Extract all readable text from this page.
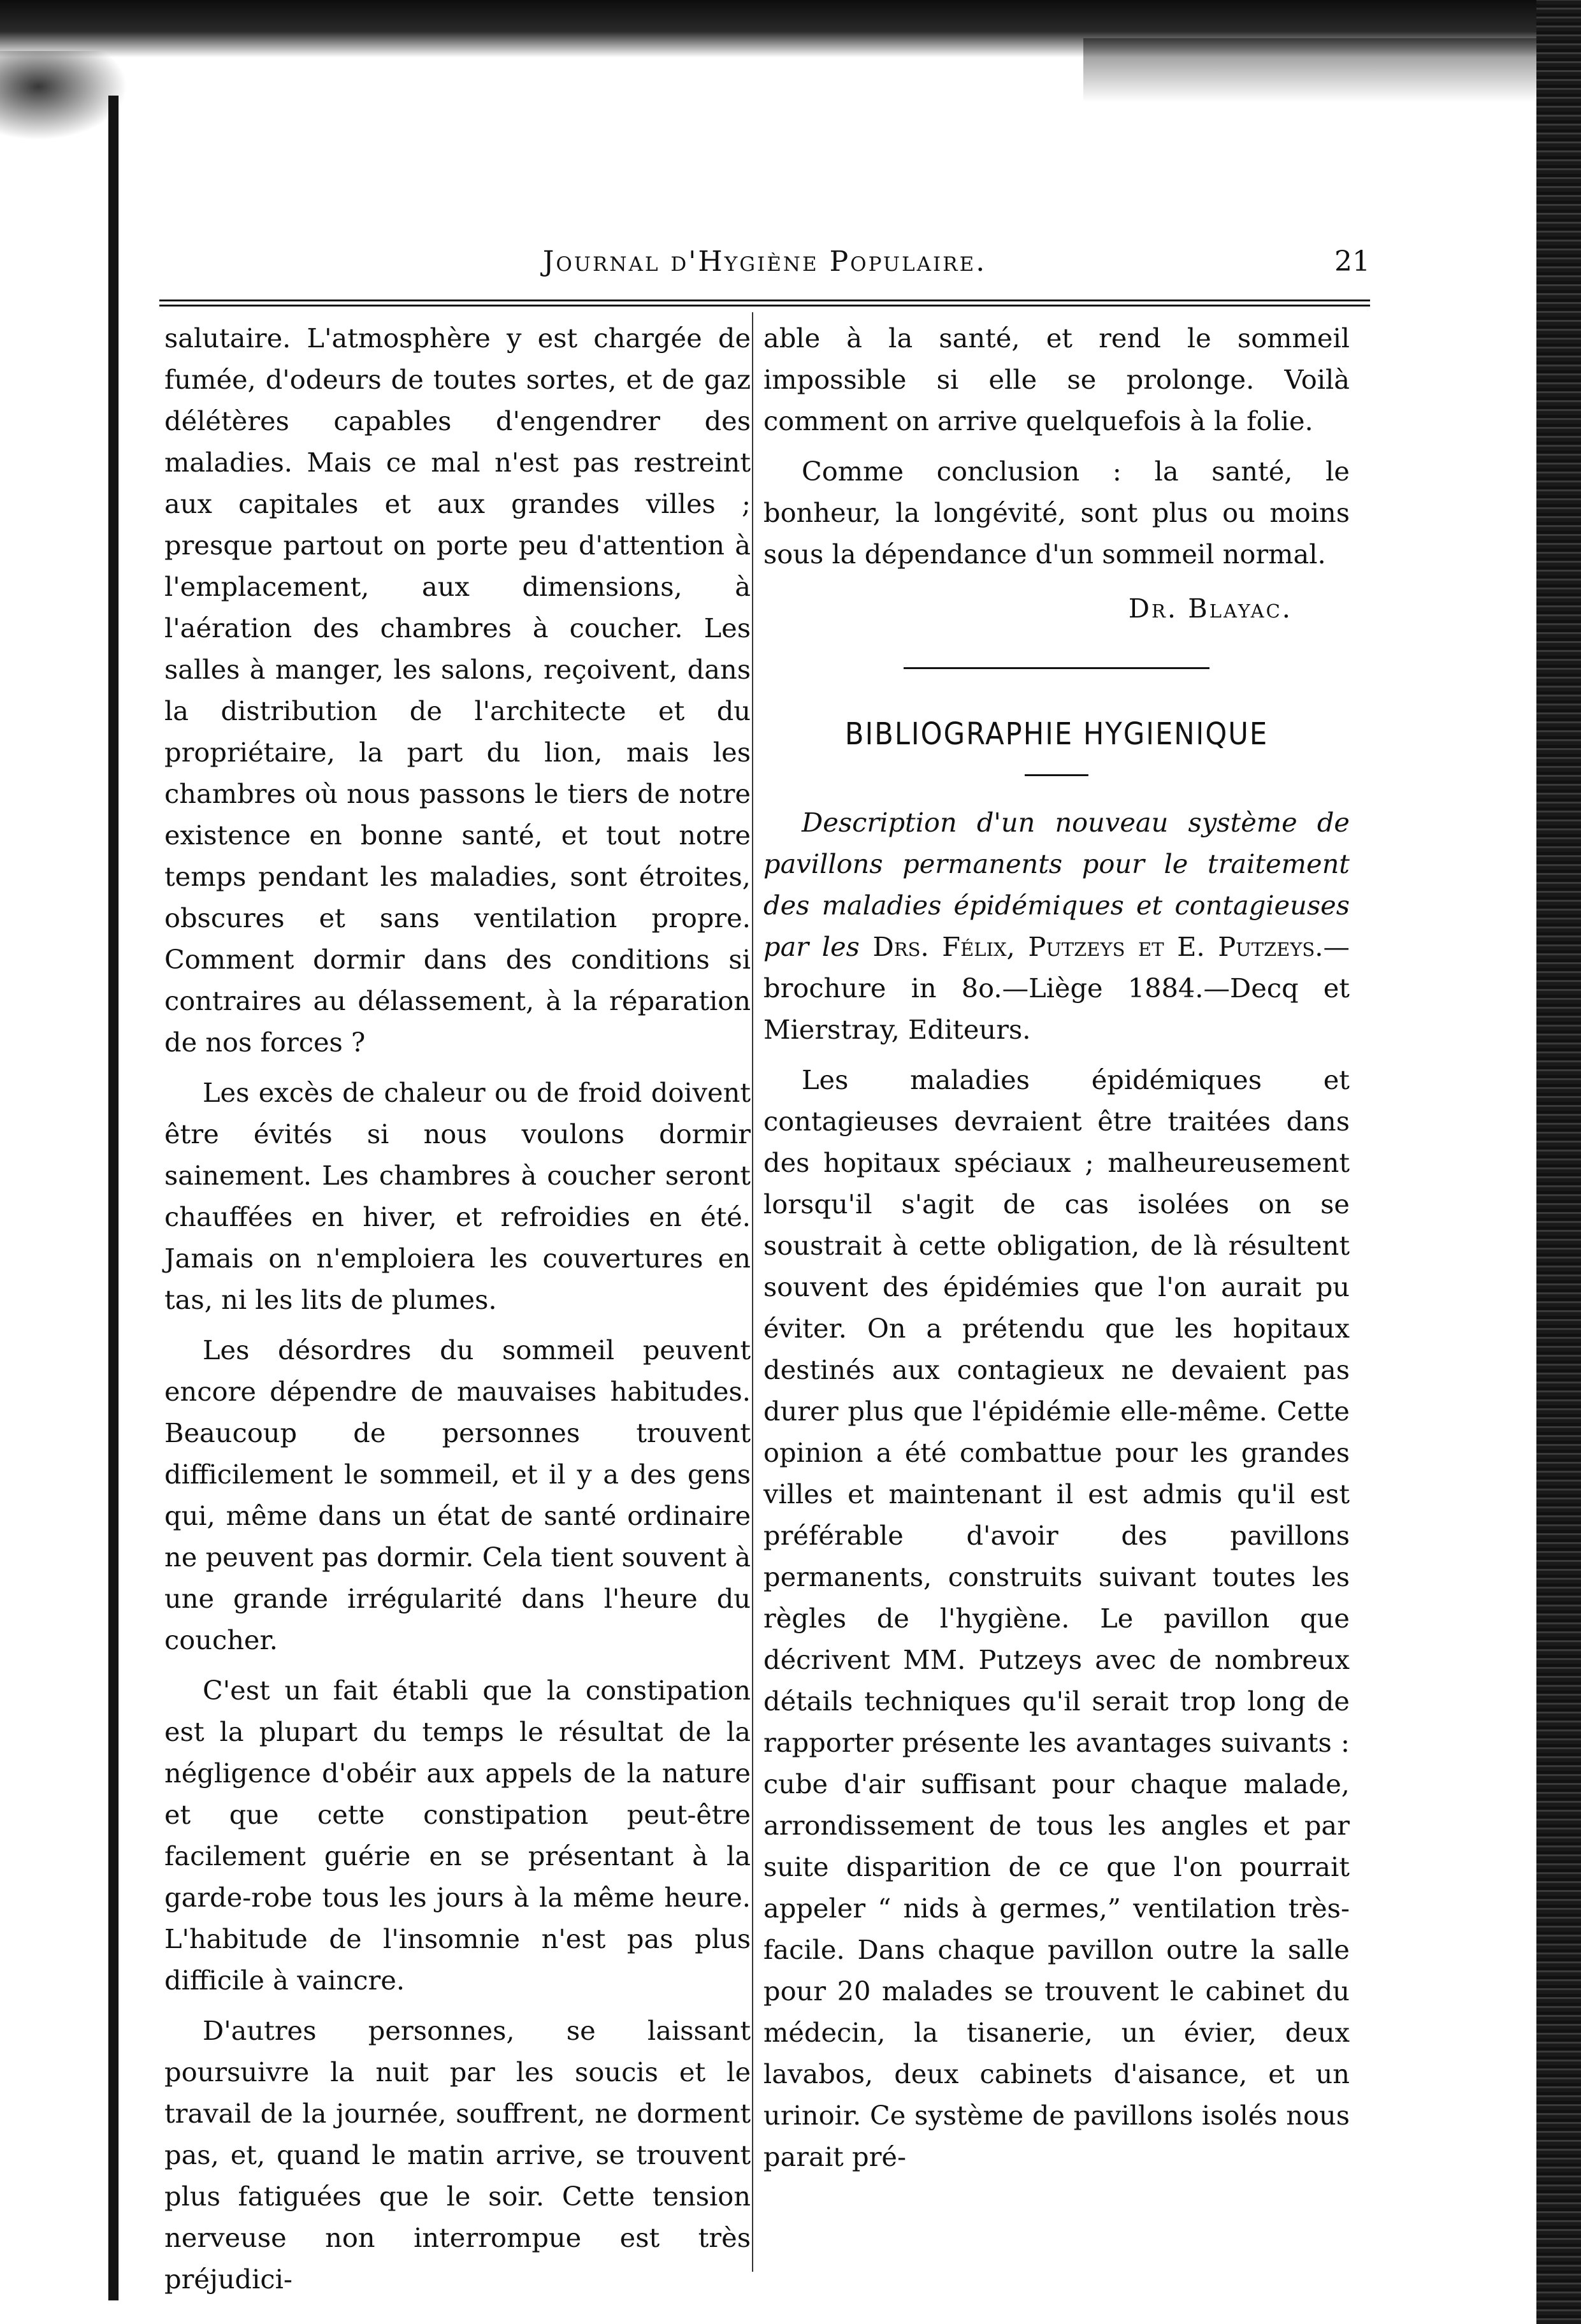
Journal d'Hygiène Populaire.	21

salutaire. L'atmosphère y est chargée de fumée, d'odeurs de toutes sortes, et de gaz délétères capables d'engendrer des maladies. Mais ce mal n'est pas restreint aux capitales et aux grandes villes ; presque partout on porte peu d'attention à l'emplacement, aux dimensions, à l'aération des chambres à coucher. Les salles à manger, les salons, reçoivent, dans la distribution de l'architecte et du propriétaire, la part du lion, mais les chambres où nous passons le tiers de notre existence en bonne santé, et tout notre temps pendant les maladies, sont étroites, obscures et sans ventilation propre. Comment dormir dans des conditions si contraires au délassement, à la réparation de nos forces ?

Les excès de chaleur ou de froid doivent être évités si nous voulons dormir sainement. Les chambres à coucher seront chauffées en hiver, et refroidies en été. Jamais on n'emploiera les couvertures en tas, ni les lits de plumes.

Les désordres du sommeil peuvent encore dépendre de mauvaises habitudes. Beaucoup de personnes trouvent difficilement le sommeil, et il y a des gens qui, même dans un état de santé ordinaire ne peuvent pas dormir. Cela tient souvent à une grande irrégularité dans l'heure du coucher.

C'est un fait établi que la constipation est la plupart du temps le résultat de la négligence d'obéir aux appels de la nature et que cette constipation peut-être facilement guérie en se présentant à la garde-robe tous les jours à la même heure. L'habitude de l'insomnie n'est pas plus difficile à vaincre.

D'autres personnes, se laissant poursuivre la nuit par les soucis et le travail de la journée, souffrent, ne dorment pas, et, quand le matin arrive, se trouvent plus fatiguées que le soir. Cette tension nerveuse non interrompue est très préjudici-

able à la santé, et rend le sommeil impossible si elle se prolonge. Voilà comment on arrive quelquefois à la folie.

Comme conclusion : la santé, le bonheur, la longévité, sont plus ou moins sous la dépendance d'un sommeil normal.

Dr. Blayac.
BIBLIOGRAPHIE HYGIENIQUE

Description d'un nouveau système de pavillons permanents pour le traitement des maladies épidémiques et contagieuses par les Drs. Félix, Putzeys et E. Putzeys.—brochure in 8o.—Liège 1884.—Decq et Mierstray, Editeurs.

Les maladies épidémiques et contagieuses devraient être traitées dans des hopitaux spéciaux ; malheureusement lorsqu'il s'agit de cas isolées on se soustrait à cette obligation, de là résultent souvent des épidémies que l'on aurait pu éviter. On a prétendu que les hopitaux destinés aux contagieux ne devaient pas durer plus que l'épidémie elle-même. Cette opinion a été combattue pour les grandes villes et maintenant il est admis qu'il est préférable d'avoir des pavillons permanents, construits suivant toutes les règles de l'hygiène. Le pavillon que décrivent MM. Putzeys avec de nombreux détails techniques qu'il serait trop long de rapporter présente les avantages suivants : cube d'air suffisant pour chaque malade, arrondissement de tous les angles et par suite disparition de ce que l'on pourrait appeler “ nids à germes,” ventilation très-facile. Dans chaque pavillon outre la salle pour 20 malades se trouvent le cabinet du médecin, la tisanerie, un évier, deux lavabos, deux cabinets d'aisance, et un urinoir. Ce système de pavillons isolés nous parait pré-
